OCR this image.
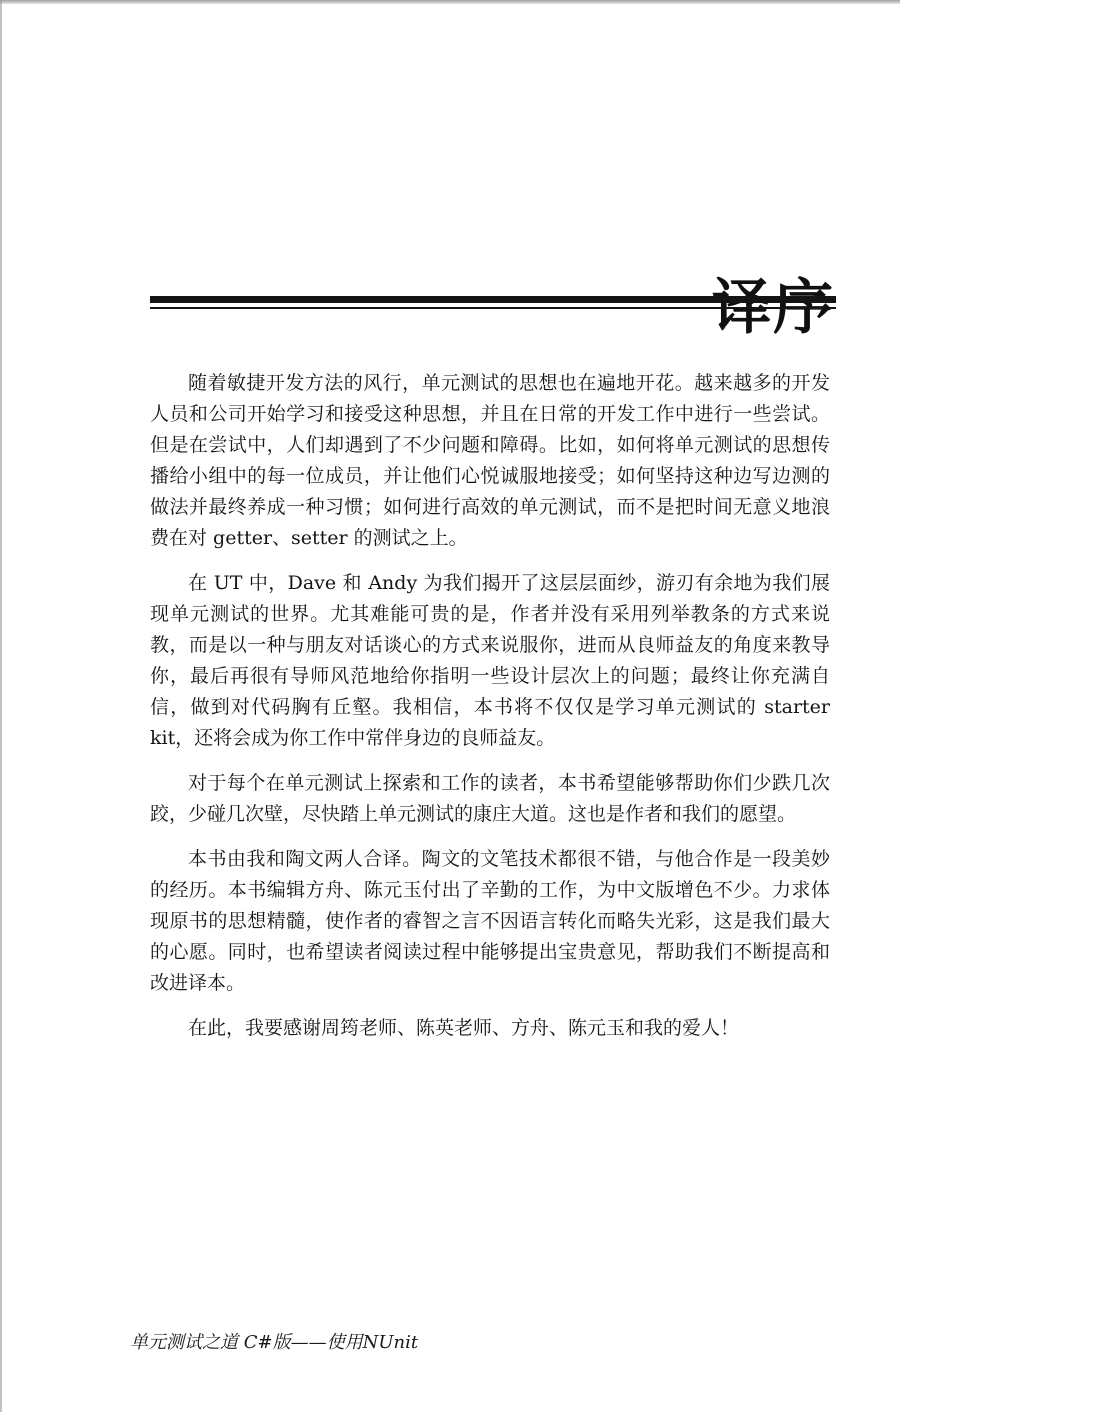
随着敏捷开发方法的风行，单元测试的思想也在遍地开花。越来越多的开发人员和公司开始学习和接受这种思想，并且在日常的开发工作中进行一些尝试。但是在尝试中，人们却遇到了不少问题和障碍。比如，如何将单元测试的思想传播给小组中的每一位成员，并让他们心悦诚服地接受；如何坚持这种边写边测的做法并最终养成一种习惯；如何进行高效的单元测试，而不是把时间无意义地浪费在对 getter、setter 的测试之上。

在 UT 中，Dave 和 Andy 为我们揭开了这层层面纱，游刃有余地为我们展现单元测试的世界。尤其难能可贵的是，作者并没有采用列举教条的方式来说教，而是以一种与朋友对话谈心的方式来说服你，进而从良师益友的角度来教导你，最后再很有导师风范地给你指明一些设计层次上的问题；最终让你充满自信，做到对代码胸有丘壑。我相信，本书将不仅仅是学习单元测试的 starter kit，还将会成为你工作中常伴身边的良师益友。

对于每个在单元测试上探索和工作的读者，本书希望能够帮助你们少跌几次跤，少碰几次壁，尽快踏上单元测试的康庄大道。这也是作者和我们的愿望。

本书由我和陶文两人合译。陶文的文笔技术都很不错，与他合作是一段美妙的经历。本书编辑方舟、陈元玉付出了辛勤的工作，为中文版增色不少。力求体现原书的思想精髓，使作者的睿智之言不因语言转化而略失光彩，这是我们最大的心愿。同时，也希望读者阅读过程中能够提出宝贵意见，帮助我们不断提高和改进译本。

在此，我要感谢周筠老师、陈英老师、方舟、陈元玉和我的爱人！

单元测试之道 C#版——使用NUnit
